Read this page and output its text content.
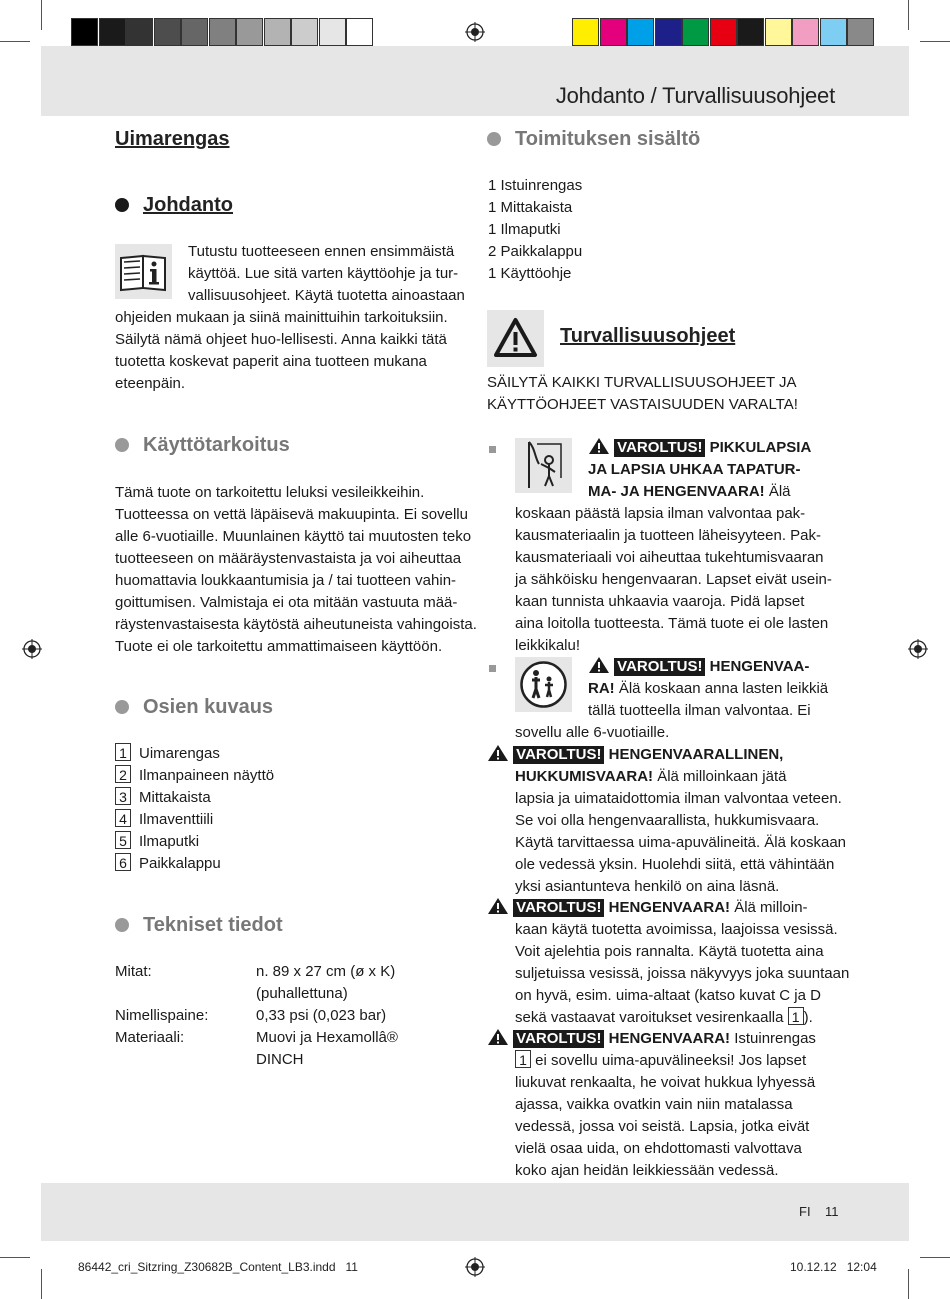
Johdanto / Turvallisuusohjeet
Uimarengas
Johdanto
Tutustu tuotteeseen ennen ensimmäistä
käyttöä. Lue sitä varten käyttöohje ja tur-
vallisuusohjeet. Käytä tuotetta ainoastaan
ohjeiden mukaan ja siinä mainittuihin tarkoituksiin.
Säilytä nämä ohjeet huo-lellisesti. Anna kaikki tätä
tuotetta koskevat paperit aina tuotteen mukana
eteenpäin.
Käyttötarkoitus
Tämä tuote on tarkoitettu leluksi vesileikkeihin.
Tuotteessa on vettä läpäisevä makuupinta. Ei sovellu
alle 6-vuotiaille. Muunlainen käyttö tai muutosten teko
tuotteeseen on määräystenvastaista ja voi aiheuttaa
huomattavia loukkaantumisia ja / tai tuotteen vahin-
goittumisen. Valmistaja ei ota mitään vastuuta mää-
räystenvastaisesta käytöstä aiheutuneista vahingoista.
Tuote ei ole tarkoitettu ammattimaiseen käyttöön.
Osien kuvaus
1 Uimarengas
2 Ilmanpaineen näyttö
3 Mittakaista
4 Ilmaventtiili
5 Ilmaputki
6 Paikkalappu
Tekniset tiedot
Mitat:	n. 89 x 27 cm (ø x K)
(puhallettuna)
Nimellispaine:	0,33 psi (0,023 bar)
Materiaali:	Muovi ja Hexamollâ®
DINCH
Toimituksen sisältö
1 Istuinrengas
1 Mittakaista
1 Ilmaputki
2 Paikkalappu
1 Käyttöohje
Turvallisuusohjeet
SÄILYTÄ KAIKKI TURVALLISUUSOHJEET JA
KÄYTTÖOHJEET VASTAISUUDEN VARALTA!
VAROLTUS! PIKKULAPSIA
JA LAPSIA UHKAA TAPATUR-
MA- JA HENGENVAARA! Älä
koskaan päästä lapsia ilman valvontaa pak-
kausmateriaalin ja tuotteen läheisyyteen. Pak-
kausmateriaali voi aiheuttaa tukehtumisvaaran
ja sähköisku hengenvaaran. Lapset eivät usein-
kaan tunnista uhkaavia vaaroja. Pidä lapset
aina loitolla tuotteesta. Tämä tuote ei ole lasten
leikkikalu!
VAROLTUS! HENGENVAA-
RA! Älä koskaan anna lasten leikkiä
tällä tuotteella ilman valvontaa. Ei
sovellu alle 6-vuotiaille.
VAROLTUS! HENGENVAARALLINEN,
HUKKUMISVAARA! Älä milloinkaan jätä
lapsia ja uimataidottomia ilman valvontaa veteen.
Se voi olla hengenvaarallista, hukkumisvaara.
Käytä tarvittaessa uima-apuvälineitä. Älä koskaan
ole vedessä yksin. Huolehdi siitä, että vähintään
yksi asiantunteva henkilö on aina läsnä.
VAROLTUS! HENGENVAARA! Älä milloin-
kaan käytä tuotetta avoimissa, laajoissa vesissä.
Voit ajelehtia pois rannalta. Käytä tuotetta aina
suljetuissa vesissä, joissa näkyvyys joka suuntaan
on hyvä, esim. uima-altaat (katso kuvat C ja D
sekä vastaavat varoitukset vesirenkaalla 1 ).
VAROLTUS! HENGENVAARA! Istuinrengas
1 ei sovellu uima-apuvälineeksi! Jos lapset
liukuvat renkaalta, he voivat hukkua lyhyessä
ajassa, vaikka ovatkin vain niin matalassa
vedessä, jossa voi seistä. Lapsia, jotka eivät
vielä osaa uida, on ehdottomasti valvottava
koko ajan heidän leikkiessään vedessä.
FI 11
86442_cri_Sitzring_Z30682B_Content_LB3.indd   11	10.12.12   12:04
